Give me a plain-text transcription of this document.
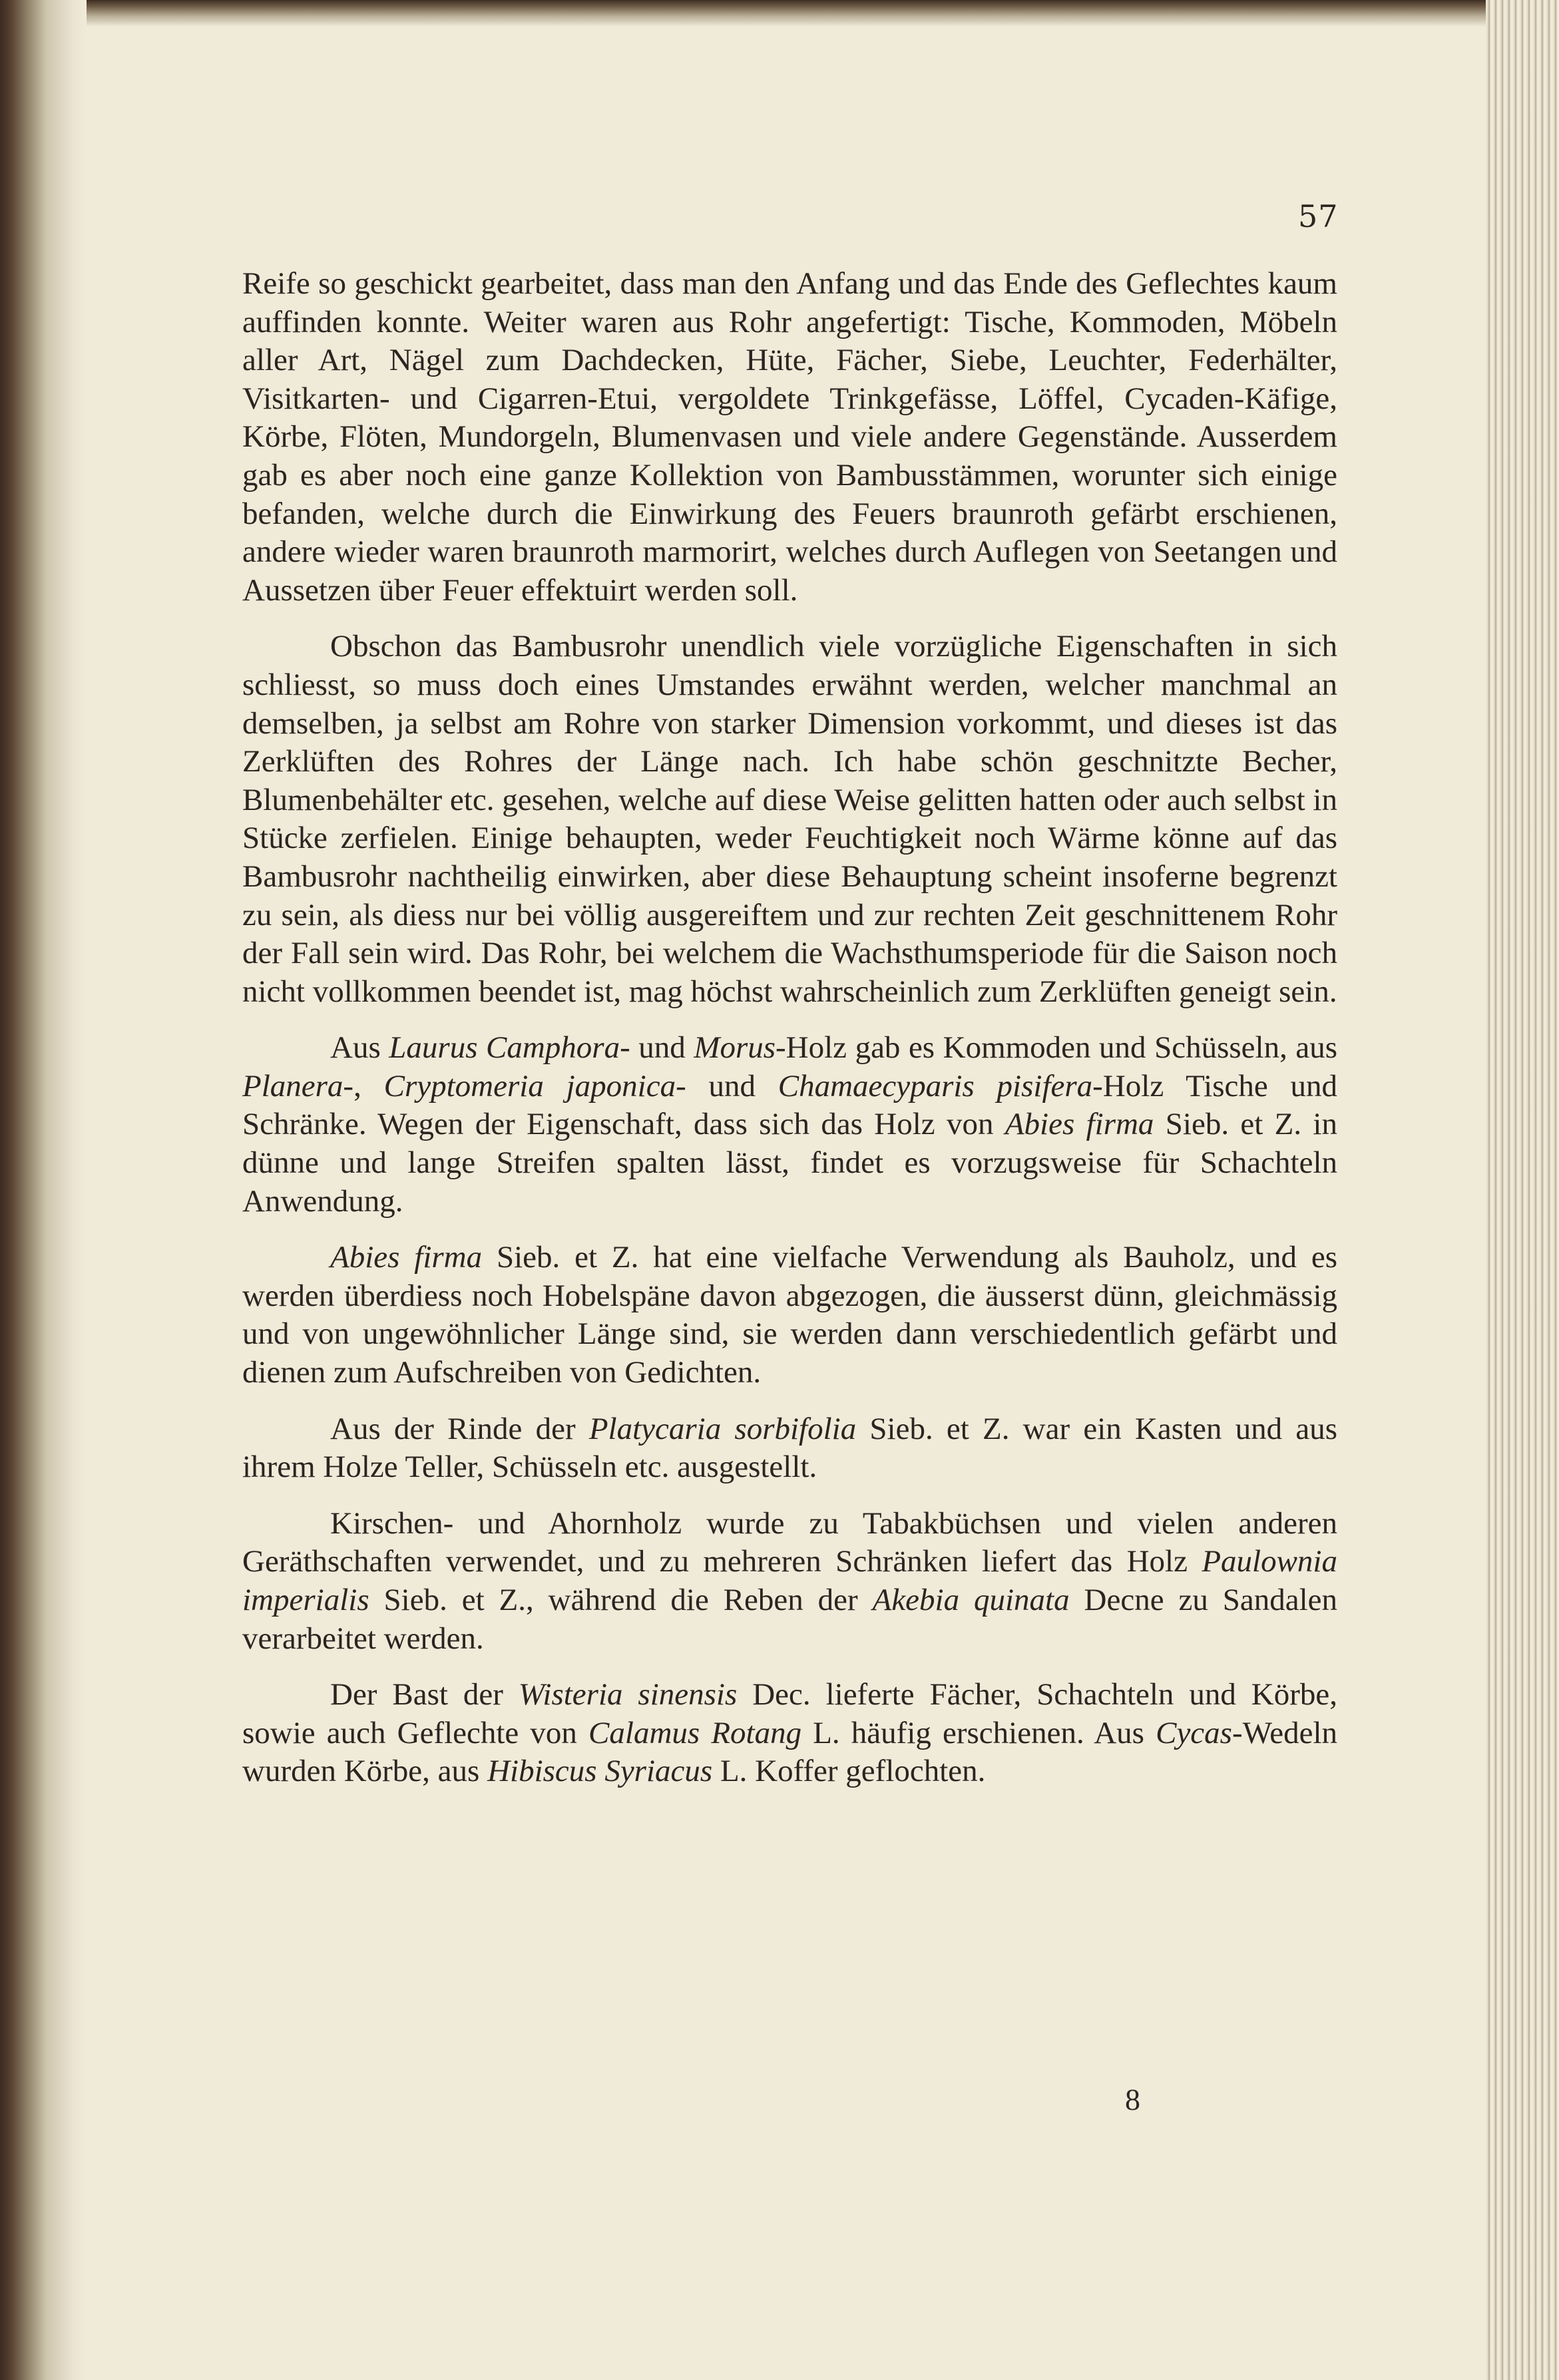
57

Reife so geschickt gearbeitet, dass man den Anfang und das Ende des Geflechtes kaum auffinden konnte. Weiter waren aus Rohr angefertigt: Tische, Kommoden, Möbeln aller Art, Nägel zum Dachdecken, Hüte, Fächer, Siebe, Leuchter, Federhälter, Visitkarten- und Cigarren-Etui, vergoldete Trinkgefässe, Löffel, Cycaden-Käfige, Körbe, Flöten, Mundorgeln, Blumenvasen und viele andere Gegenstände. Ausserdem gab es aber noch eine ganze Kollektion von Bambusstämmen, worunter sich einige befanden, welche durch die Einwirkung des Feuers braunroth gefärbt erschienen, andere wieder waren braunroth marmorirt, welches durch Auflegen von Seetangen und Aussetzen über Feuer effektuirt werden soll.

Obschon das Bambusrohr unendlich viele vorzügliche Eigenschaften in sich schliesst, so muss doch eines Umstandes erwähnt werden, welcher manchmal an demselben, ja selbst am Rohre von starker Dimension vorkommt, und dieses ist das Zerklüften des Rohres der Länge nach. Ich habe schön geschnitzte Becher, Blumenbehälter etc. gesehen, welche auf diese Weise gelitten hatten oder auch selbst in Stücke zerfielen. Einige behaupten, weder Feuchtigkeit noch Wärme könne auf das Bambusrohr nachtheilig einwirken, aber diese Behauptung scheint insoferne begrenzt zu sein, als diess nur bei völlig ausgereiftem und zur rechten Zeit geschnittenem Rohr der Fall sein wird. Das Rohr, bei welchem die Wachsthumsperiode für die Saison noch nicht vollkommen beendet ist, mag höchst wahrscheinlich zum Zerklüften geneigt sein.

Aus Laurus Camphora- und Morus-Holz gab es Kommoden und Schüsseln, aus Planera-, Cryptomeria japonica- und Chamaecyparis pisifera-Holz Tische und Schränke. Wegen der Eigenschaft, dass sich das Holz von Abies firma Sieb. et Z. in dünne und lange Streifen spalten lässt, findet es vorzugsweise für Schachteln Anwendung.

Abies firma Sieb. et Z. hat eine vielfache Verwendung als Bauholz, und es werden überdiess noch Hobelspäne davon abgezogen, die äusserst dünn, gleichmässig und von ungewöhnlicher Länge sind, sie werden dann verschiedentlich gefärbt und dienen zum Aufschreiben von Gedichten.

Aus der Rinde der Platycaria sorbifolia Sieb. et Z. war ein Kasten und aus ihrem Holze Teller, Schüsseln etc. ausgestellt.

Kirschen- und Ahornholz wurde zu Tabakbüchsen und vielen anderen Geräthschaften verwendet, und zu mehreren Schränken liefert das Holz Paulownia imperialis Sieb. et Z., während die Reben der Akebia quinata Decne zu Sandalen verarbeitet werden.

Der Bast der Wisteria sinensis Dec. lieferte Fächer, Schachteln und Körbe, sowie auch Geflechte von Calamus Rotang L. häufig erschienen. Aus Cycas-Wedeln wurden Körbe, aus Hibiscus Syriacus L. Koffer geflochten.

8
